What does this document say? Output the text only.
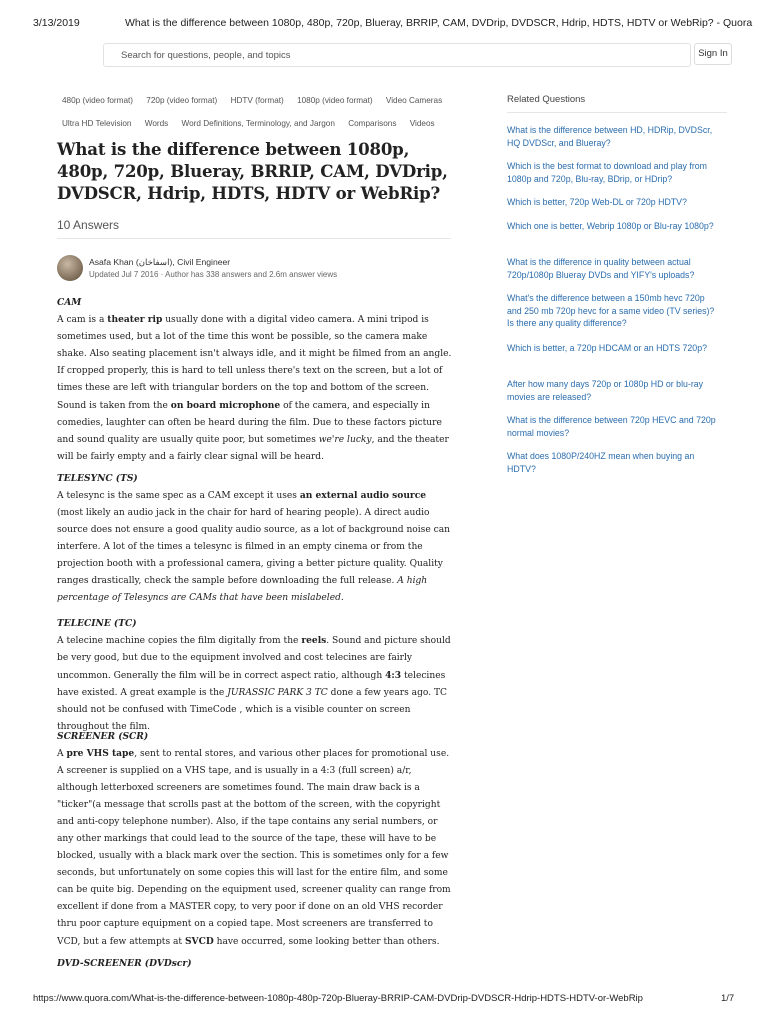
3/13/2019	What is the difference between 1080p, 480p, 720p, Blueray, BRRIP, CAM, DVDrip, DVDSCR, Hdrip, HDTS, HDTV or WebRip? - Quora
Search for questions, people, and topics	Sign In
480p (video format) 720p (video format) HDTV (format) 1080p (video format) Video Cameras
Ultra HD Television Words Word Definitions, Terminology, and Jargon Comparisons Videos
What is the difference between 1080p, 480p, 720p, Blueray, BRRIP, CAM, DVDrip, DVDSCR, Hdrip, HDTS, HDTV or WebRip?
10 Answers
Asafa Khan (اسفاخان), Civil Engineer
Updated Jul 7 2016 · Author has 338 answers and 2.6m answer views
CAM

A cam is a theater rip usually done with a digital video camera. A mini tripod is sometimes used, but a lot of the time this wont be possible, so the camera make shake. Also seating placement isn't always idle, and it might be filmed from an angle. If cropped properly, this is hard to tell unless there's text on the screen, but a lot of times these are left with triangular borders on the top and bottom of the screen. Sound is taken from the on board microphone of the camera, and especially in comedies, laughter can often be heard during the film. Due to these factors picture and sound quality are usually quite poor, but sometimes we're lucky, and the theater will be fairly empty and a fairly clear signal will be heard.

TELESYNC (TS)

A telesync is the same spec as a CAM except it uses an external audio source (most likely an audio jack in the chair for hard of hearing people). A direct audio source does not ensure a good quality audio source, as a lot of background noise can interfere. A lot of the times a telesync is filmed in an empty cinema or from the projection booth with a professional camera, giving a better picture quality. Quality ranges drastically, check the sample before downloading the full release. A high percentage of Telesyncs are CAMs that have been mislabeled.

TELECINE (TC)

A telecine machine copies the film digitally from the reels. Sound and picture should be very good, but due to the equipment involved and cost telecines are fairly uncommon. Generally the film will be in correct aspect ratio, although 4:3 telecines have existed. A great example is the JURASSIC PARK 3 TC done a few years ago. TC should not be confused with TimeCode , which is a visible counter on screen throughout the film.

SCREENER (SCR)

A pre VHS tape, sent to rental stores, and various other places for promotional use. A screener is supplied on a VHS tape, and is usually in a 4:3 (full screen) a/r, although letterboxed screeners are sometimes found. The main draw back is a "ticker"(a message that scrolls past at the bottom of the screen, with the copyright and anti-copy telephone number). Also, if the tape contains any serial numbers, or any other markings that could lead to the source of the tape, these will have to be blocked, usually with a black mark over the section. This is sometimes only for a few seconds, but unfortunately on some copies this will last for the entire film, and some can be quite big. Depending on the equipment used, screener quality can range from excellent if done from a MASTER copy, to very poor if done on an old VHS recorder thru poor capture equipment on a copied tape. Most screeners are transferred to VCD, but a few attempts at SVCD have occurred, some looking better than others.

DVD-SCREENER (DVDscr)
Related Questions
What is the difference between HD, HDRip, DVDScr, HQ DVDScr, and Blueray?
Which is the best format to download and play from 1080p and 720p, Blu-ray, BDrip, or HDrip?
Which is better, 720p Web-DL or 720p HDTV?
Which one is better, Webrip 1080p or Blu-ray 1080p?
What is the difference in quality between actual 720p/1080p Blueray DVDs and YIFY's uploads?
What's the difference between a 150mb hevc 720p and 250 mb 720p hevc for a same video (TV series)? Is there any quality difference?
Which is better, a 720p HDCAM or an HDTS 720p?
After how many days 720p or 1080p HD or blu-ray movies are released?
What is the difference between 720p HEVC and 720p normal movies?
What does 1080P/240HZ mean when buying an HDTV?
https://www.quora.com/What-is-the-difference-between-1080p-480p-720p-Blueray-BRRIP-CAM-DVDrip-DVDSCR-Hdrip-HDTS-HDTV-or-WebRip	1/7
